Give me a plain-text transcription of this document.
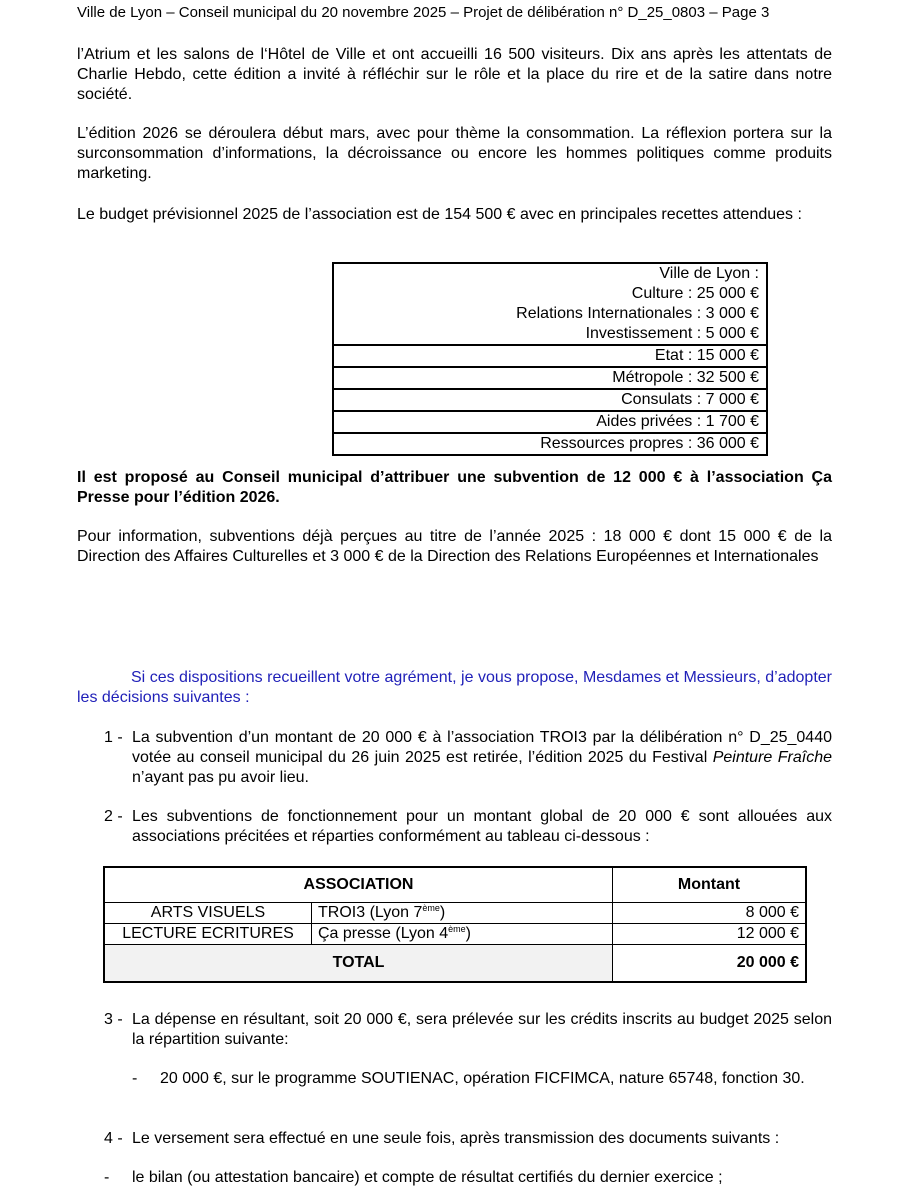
Ville de Lyon – Conseil municipal du 20 novembre 2025 – Projet de délibération n° D_25_0803 – Page 3
l’Atrium et les salons de l‘Hôtel de Ville et ont accueilli 16 500 visiteurs. Dix ans après les attentats de Charlie Hebdo, cette édition a invité à réfléchir sur le rôle et la place du rire et de la satire dans notre société.
L’édition 2026 se déroulera début mars, avec pour thème la consommation. La réflexion portera sur la surconsommation d’informations, la décroissance ou encore les hommes politiques comme produits marketing.
Le budget prévisionnel 2025 de l’association est de 154 500 € avec en principales recettes attendues :
Ville de Lyon :
Culture : 25 000 €
Relations Internationales : 3 000 €
Investissement : 5 000 €
Etat : 15 000 €
Métropole : 32 500 €
Consulats : 7 000 €
Aides privées : 1 700 €
Ressources propres : 36 000 €
Il est proposé au Conseil municipal d’attribuer une subvention de 12 000 € à l’association Ça Presse pour l’édition 2026.
Pour information, subventions déjà perçues au titre de l’année 2025 : 18 000 € dont 15 000 € de la Direction des Affaires Culturelles et 3 000 € de la Direction des Relations Européennes et Internationales
Si ces dispositions recueillent votre agrément, je vous propose, Mesdames et Messieurs, d’adopter les décisions suivantes :
1 - La subvention d’un montant de 20 000 € à l’association TROI3 par la délibération n° D_25_0440 votée au conseil municipal du 26 juin 2025 est retirée, l’édition 2025 du Festival Peinture Fraîche n’ayant pas pu avoir lieu.
2 - Les subventions de fonctionnement pour un montant global de 20 000 € sont allouées aux associations précitées et réparties conformément au tableau ci-dessous :
ASSOCIATION		Montant
ARTS VISUELS	TROI3 (Lyon 7ème)	8 000 €
LECTURE ECRITURES	Ça presse (Lyon 4ème)	12 000 €
TOTAL		20 000 €
3 - La dépense en résultant, soit 20 000 €, sera prélevée sur les crédits inscrits au budget 2025 selon la répartition suivante:
- 20 000 €, sur le programme SOUTIENAC, opération FICFIMCA, nature 65748, fonction 30.
4 - Le versement sera effectué en une seule fois, après transmission des documents suivants :
- le bilan (ou attestation bancaire) et compte de résultat certifiés du dernier exercice ;
